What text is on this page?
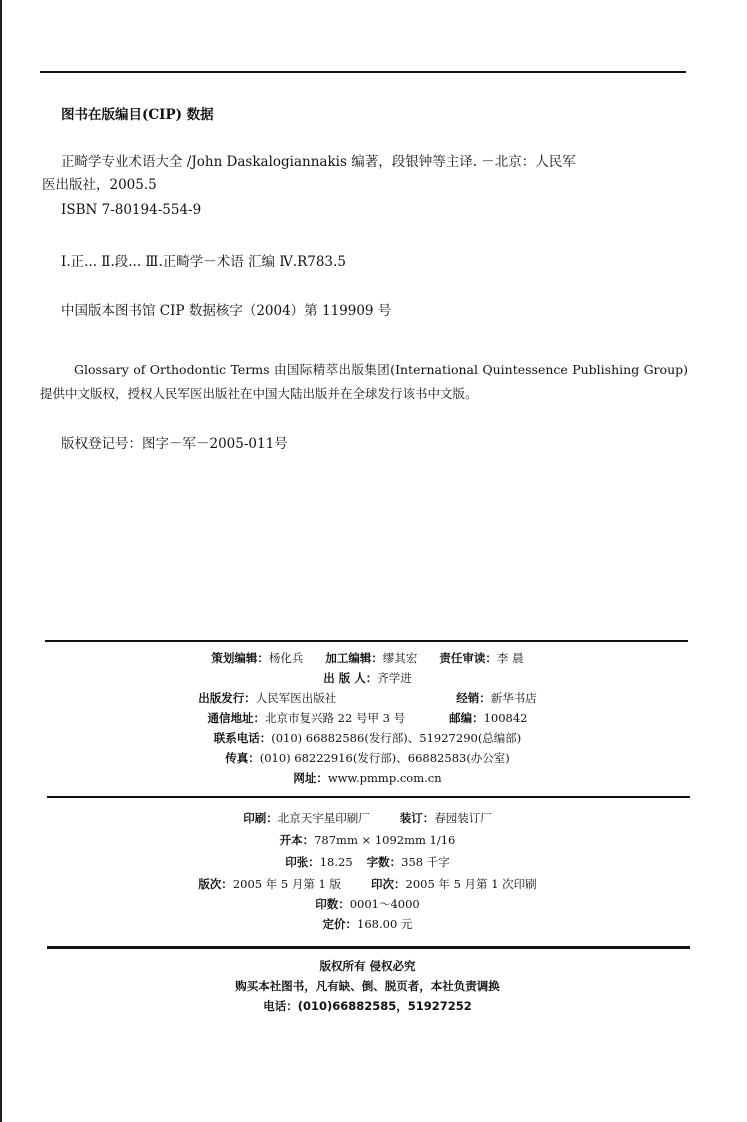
图书在版编目(CIP) 数据
正畸学专业术语大全 /John Daskalogiannakis 编著，段银钟等主译. －北京：人民军
医出版社，2005.5
ISBN 7-80194-554-9
Ⅰ.正... Ⅱ.段... Ⅲ.正畸学－术语 汇编 Ⅳ.R783.5
中国版本图书馆 CIP 数据核字（2004）第 119909 号
Glossary of Orthodontic Terms 由国际精萃出版集团(International Quintessence Publishing Group)提供中文版权，授权人民军医出版社在中国大陆出版并在全球发行该书中文版。
版权登记号：图字－军－2005-011号
策划编辑：杨化兵 加工编辑：缪其宏 责任审读：李 晨
出 版 人：齐学进
出版发行：人民军医出版社	经销：新华书店
通信地址：北京市复兴路 22 号甲 3 号	邮编：100842
联系电话：(010) 66882586(发行部)、51927290(总编部)
传真：(010) 68222916(发行部)、66882583(办公室)
网址：www.pmmp.com.cn
印刷：北京天宇星印刷厂	装订：春园装订厂
开本：787mm × 1092mm 1/16
印张：18.25 字数：358 千字
版次：2005 年 5 月第 1 版	印次：2005 年 5 月第 1 次印刷
印数：0001～4000
定价：168.00 元
版权所有 侵权必究
购买本社图书，凡有缺、倒、脱页者，本社负责调换
电话：(010)66882585，51927252
